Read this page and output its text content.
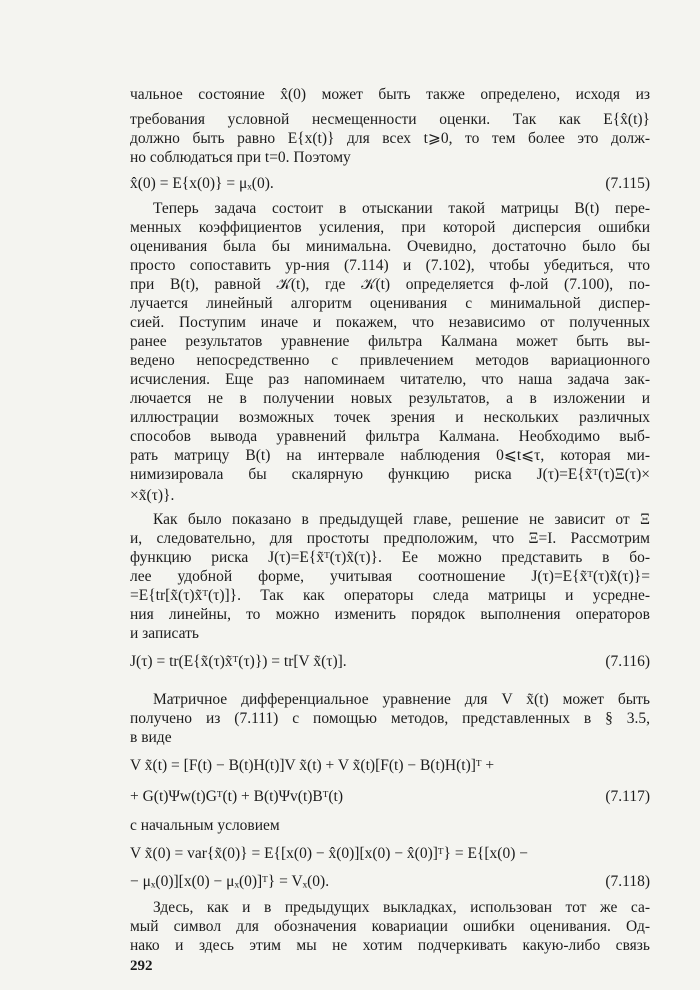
чальное состояние x̂(0) может быть также определено, исходя из
требования условной несмещенности оценки. Так как E{x̂(t)}
должно быть равно E{x(t)} для всех t⩾0, то тем более это долж-
но соблюдаться при t=0. Поэтому
x̂(0) = E{x(0)} = μₓ(0).	(7.115)
Теперь задача состоит в отыскании такой матрицы B(t) пере-
менных коэффициентов усиления, при которой дисперсия ошибки
оценивания была бы минимальна. Очевидно, достаточно было бы
просто сопоставить ур-ния (7.114) и (7.102), чтобы убедиться, что
при B(t), равной 𝒦(t), где 𝒦(t) определяется ф-лой (7.100), по-
лучается линейный алгоритм оценивания с минимальной диспер-
сией. Поступим иначе и покажем, что независимо от полученных
ранее результатов уравнение фильтра Калмана может быть вы-
ведено непосредственно с привлечением методов вариационного
исчисления. Еще раз напоминаем читателю, что наша задача зак-
лючается не в получении новых результатов, а в изложении и
иллюстрации возможных точек зрения и нескольких различных
способов вывода уравнений фильтра Калмана. Необходимо выб-
рать матрицу B(t) на интервале наблюдения 0⩽t⩽τ, которая ми-
нимизировала бы скалярную функцию риска J(τ)=E{x̃ᵀ(τ)Ξ(τ)×
×x̃(τ)}.
Как было показано в предыдущей главе, решение не зависит от Ξ
и, следовательно, для простоты предположим, что Ξ=I. Рассмотрим
функцию риска J(τ)=E{x̃ᵀ(τ)x̃(τ)}. Ее можно представить в бо-
лее удобной форме, учитывая соотношение J(τ)=E{x̃ᵀ(τ)x̃(τ)}=
=E{tr[x̃(τ)x̃ᵀ(τ)]}. Так как операторы следа матрицы и усредне-
ния линейны, то можно изменить порядок выполнения операторов
и записать
J(τ) = tr(E{x̃(τ)x̃ᵀ(τ)}) = tr[V x̃(τ)].	(7.116)
Матричное дифференциальное уравнение для V x̃(t) может быть
получено из (7.111) с помощью методов, представленных в § 3.5,
в виде
V x̃(t) = [F(t) − B(t)H(t)]V x̃(t) + V x̃(t)[F(t) − B(t)H(t)]ᵀ +
+ G(t)Ψw(t)Gᵀ(t) + B(t)Ψv(t)Bᵀ(t)	(7.117)
с начальным условием
V x̃(0) = var{x̃(0)} = E{[x(0) − x̂(0)][x(0) − x̂(0)]ᵀ} = E{[x(0) −
− μₓ(0)][x(0) − μₓ(0)]ᵀ} = Vₓ(0).	(7.118)
Здесь, как и в предыдущих выкладках, использован тот же са-
мый символ для обозначения ковариации ошибки оценивания. Од-
нако и здесь этим мы не хотим подчеркивать какую-либо связь
292
